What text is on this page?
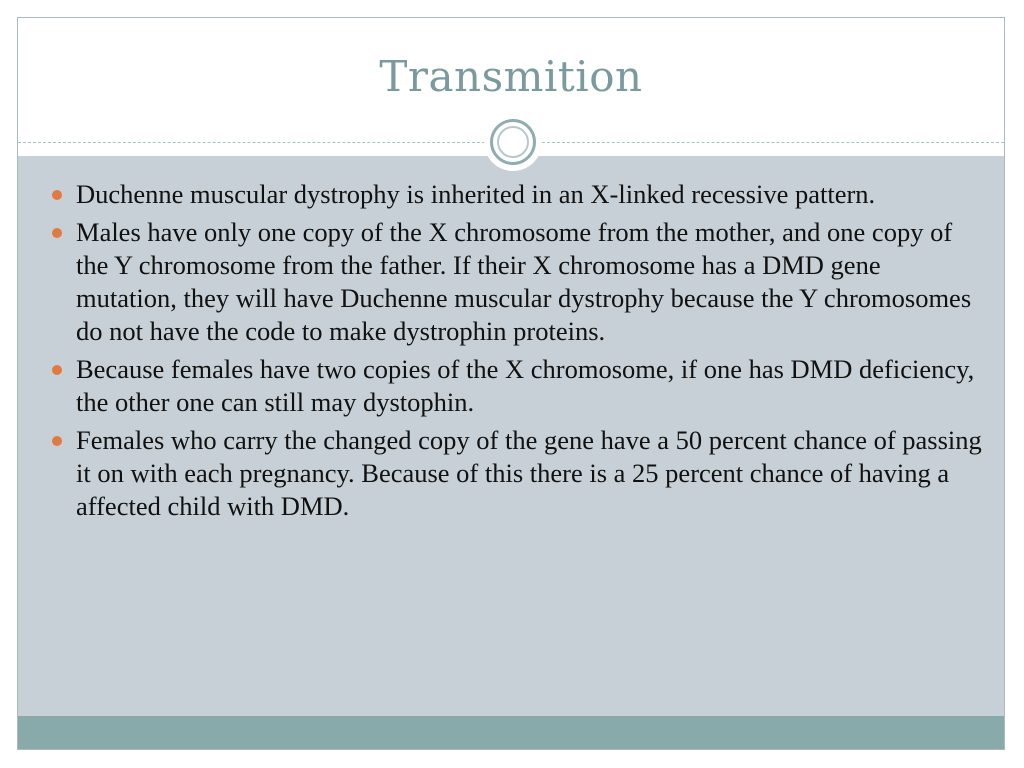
Transmition
Duchenne muscular dystrophy is inherited in an X-linked recessive pattern.
Males have only one copy of the X chromosome from the mother, and one copy of the Y chromosome from the father. If their X chromosome has a DMD gene mutation, they will have Duchenne muscular dystrophy because the Y chromosomes do not have the code to make dystrophin proteins.
Because females have two copies of the X chromosome, if one has DMD deficiency, the other one can still may dystophin.
Females who carry the changed copy of the gene have a 50 percent chance of passing it on with each pregnancy. Because of this there is a 25 percent chance of having a affected child with DMD.
